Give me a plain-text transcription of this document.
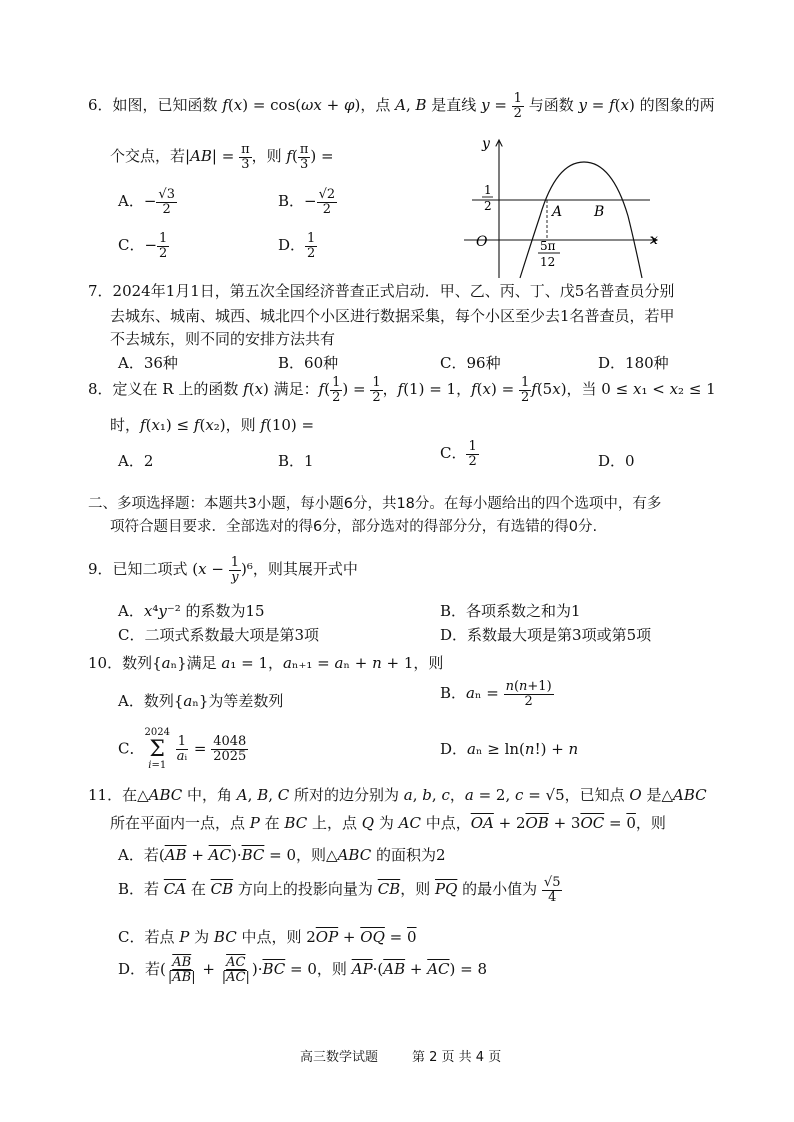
6．如图，已知函数 f(x) = cos(ωx + φ)，点 A, B 是直线 $y = \frac{1}{2}$ 与函数 y = f(x) 的图象的两
个交点，若$|AB| = \frac{\pi}{3}$ ，则 $f( \frac{\pi}{3}$ ) =
A．− $\frac{√3}{2}$	B．− $\frac{√2}{2}$
C．− $\frac{1}{2}$	D． $\frac{1}{2}$
y
x
O
1
2	A B
5π
12
7．2024年1月1日，第五次全国经济普查正式启动．甲、乙、丙、丁、戊5名普查员分别
去城东、城南、城西、城北四个小区进行数据采集，每个小区至少去1名普查员，若甲
不去城东，则不同的安排方法共有
A．36种	B．60种	C．96种	D．180种
8．定义在 R 上的函数 f(x) 满足：$f( \frac{1}{2}$ ) = $\frac{1}{2}$ ，f(1) = 1，$f(x) = \frac{1}{2} f(5x)$，当 0 ≤ x₁ < x₂ ≤ 1
时，f(x₁) ≤ f(x₂)，则 f(10) =
A．2	B．1	C． $\frac{1}{2}$	D．0
二、多项选择题：本题共3小题，每小题6分，共18分。在每小题给出的四个选项中，有多
项符合题目要求．全部选对的得6分，部分选对的得部分分，有选错的得0分.
9．已知二项式 $(x - \frac{1}{y} )^6$，则其展开式中
A．x⁴y⁻² 的系数为15	B．各项系数之和为1
C．二项式系数最大项是第3项	D．系数最大项是第3项或第5项
10．数列{aₙ}满足 a₁ = 1，aₙ₊₁ = aₙ + n + 1，则
A．数列{aₙ}为等差数列	B．$a_n = \frac{n(n+1)}{2}$
C．
2024
Σ
i=1

$\frac{1}{\text{aᵢ}} = \frac{4048}{2025}$	D．aₙ ≥ ln(n!) + n
11．在△ABC 中，角 A, B, C 所对的边分别为 a, b, c，a = 2, c = √5，已知点 O 是△ABC
所在平面内一点，点 P 在 BC 上，点 Q 为 AC 中点，$\overline{OA} + 2\overline{OB} + 3\overline{OC} = 0$，则
A．若$(\overline{AB} + \overline{AC})\cdot\overline{BC} = 0$，则△ABC 的面积为2
B．若 $\overline{CA}$ 在 $\overline{CB}$ 方向上的投影向量为 $\overline{CB}$，则 $\overline{PQ}$ 的最小值为 $\frac{√5}{4}$
C．若点 P 为 BC 中点，则 $2\overline{OP} + \overline{OQ} = 0$
D．若( $\frac{\overline{AB}}{|\overline{AB}|} + \frac{\overline{AC}}{|\overline{AC}|} )\cdot\overline{BC} = 0$，则 $\overline{AP}\cdot(\overline{AB} + \overline{AC}) = 8$
高三数学试题	第 2 页 共 4 页
